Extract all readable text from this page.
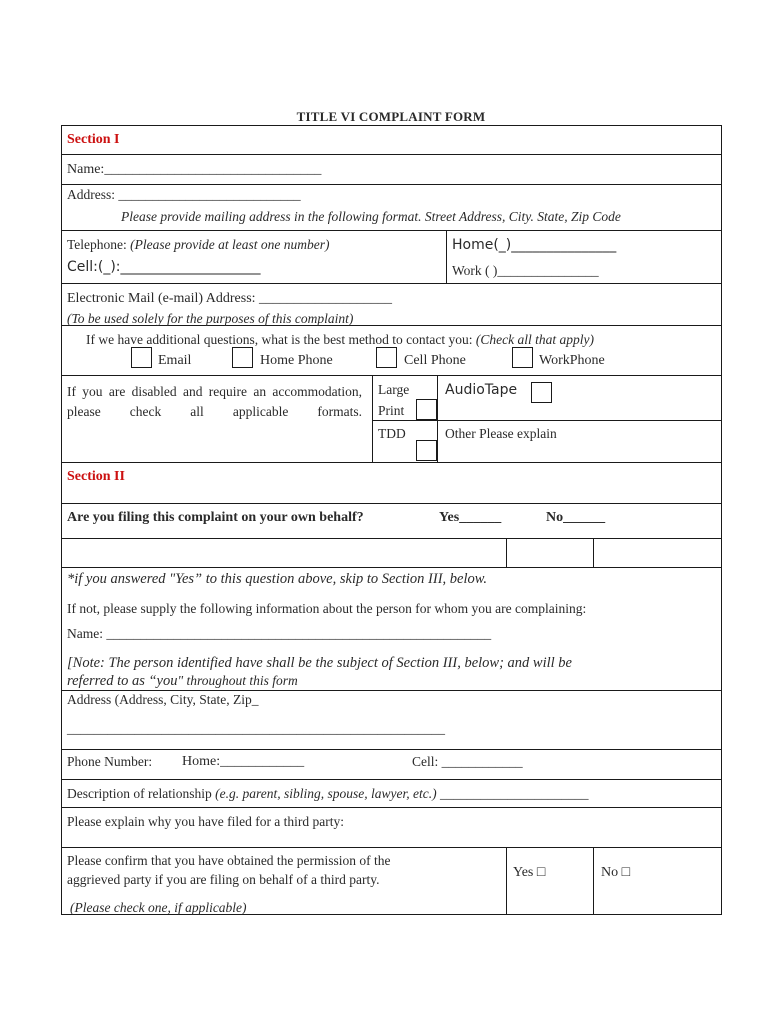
TITLE VI COMPLAINT FORM
Section I
Name:_______________________________
Address: ___________________________
Please provide mailing address in the following format. Street Address, City. State, Zip Code
Telephone: (Please provide at least one number)
Cell:(_):____________________
Home(_)_______________
Work ( )_______________
Electronic Mail (e-mail) Address: ___________________
(To be used solely for the purposes of this complaint)
If we have additional questions, what is the best method to contact you: (Check all that apply)
Email	Home Phone	Cell Phone	WorkPhone
If you are disabled and require an accommodation, please check all applicable formats.
Large
Print
AudioTape
TDD	Other Please explain
Section II
Are you filing this complaint on your own behalf?	Yes______	No______
*if you answered "Yes” to this question above, skip to Section III, below.
If not, please supply the following information about the person for whom you are complaining:
Name: _________________________________________________________
[Note: The person identified have shall be the subject of Section III, below; and will be
referred to as “you" throughout this form
Address (Address, City, State, Zip_
________________________________________________________
Phone Number: Home:____________	Cell: ____________
Description of relationship (e.g. parent, sibling, spouse, lawyer, etc.) ______________________
Please explain why you have filed for a third party:
Please confirm that you have obtained the permission of the
aggrieved party if you are filing on behalf of a third party.
(Please check one, if applicable)
Yes □	No □
